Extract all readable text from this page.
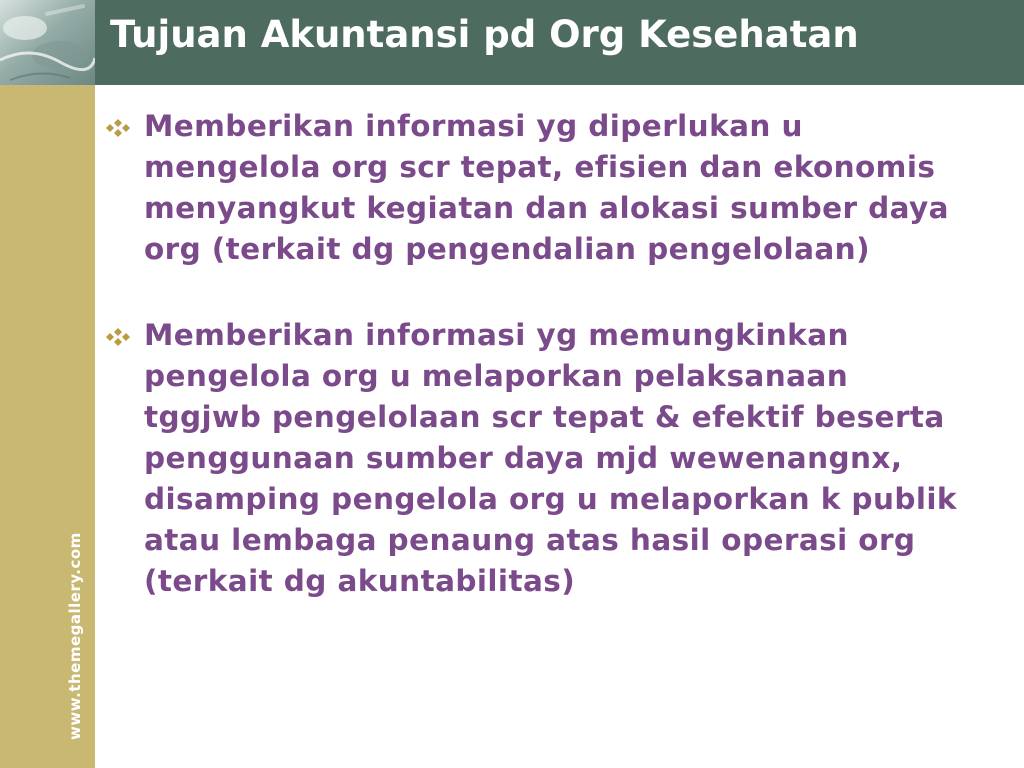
Tujuan Akuntansi pd Org Kesehatan
www.themegallery.com
Memberikan informasi yg diperlukan u mengelola org scr tepat, efisien dan ekonomis menyangkut kegiatan dan alokasi sumber daya org (terkait dg pengendalian pengelolaan)
Memberikan informasi yg memungkinkan pengelola org u melaporkan pelaksanaan tggjwb pengelolaan scr tepat & efektif beserta penggunaan sumber daya mjd wewenangnx, disamping pengelola org u melaporkan k publik atau lembaga penaung atas hasil operasi org (terkait dg akuntabilitas)
